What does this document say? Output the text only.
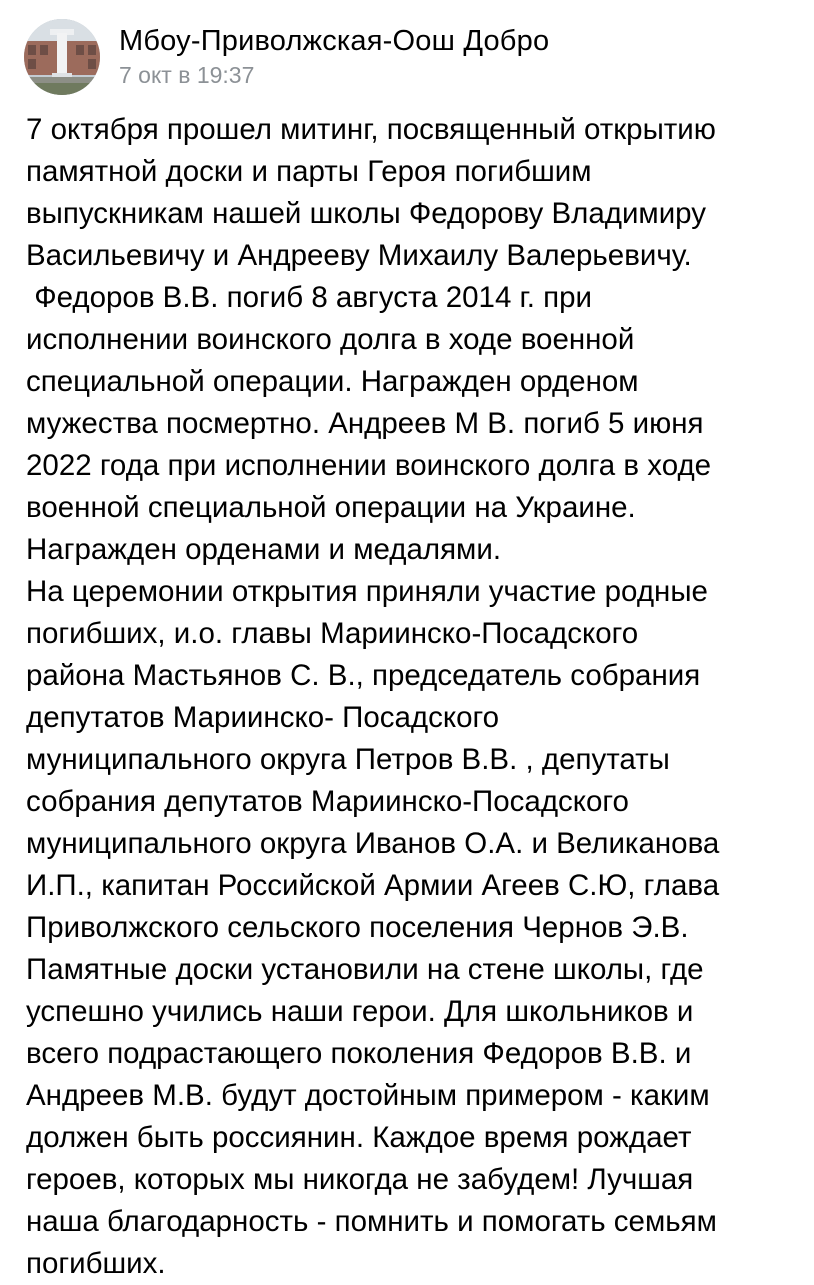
Мбоу-Приволжская-Оош Добро
7 окт в 19:37
7 октября прошел митинг, посвященный открытию
памятной доски и парты Героя погибшим
выпускникам нашей школы Федорову Владимиру
Васильевичу и Андрееву Михаилу Валерьевичу.
Федоров В.В. погиб 8 августа 2014 г. при
исполнении воинского долга в ходе военной
специальной операции. Награжден орденом
мужества посмертно. Андреев М В. погиб 5 июня
2022 года при исполнении воинского долга в ходе
военной специальной операции на Украине.
Награжден орденами и медалями.
На церемонии открытия приняли участие родные
погибших, и.о. главы Мариинско-Посадского
района Мастьянов С. В., председатель собрания
депутатов Мариинско- Посадского
муниципального округа Петров В.В. , депутаты
собрания депутатов Мариинско-Посадского
муниципального округа Иванов О.А. и Великанова
И.П., капитан Российской Армии Агеев С.Ю, глава
Приволжского сельского поселения Чернов Э.В.
Памятные доски установили на стене школы, где
успешно учились наши герои. Для школьников и
всего подрастающего поколения Федоров В.В. и
Андреев М.В. будут достойным примером - каким
должен быть россиянин. Каждое время рождает
героев, которых мы никогда не забудем! Лучшая
наша благодарность - помнить и помогать семьям
погибших.
